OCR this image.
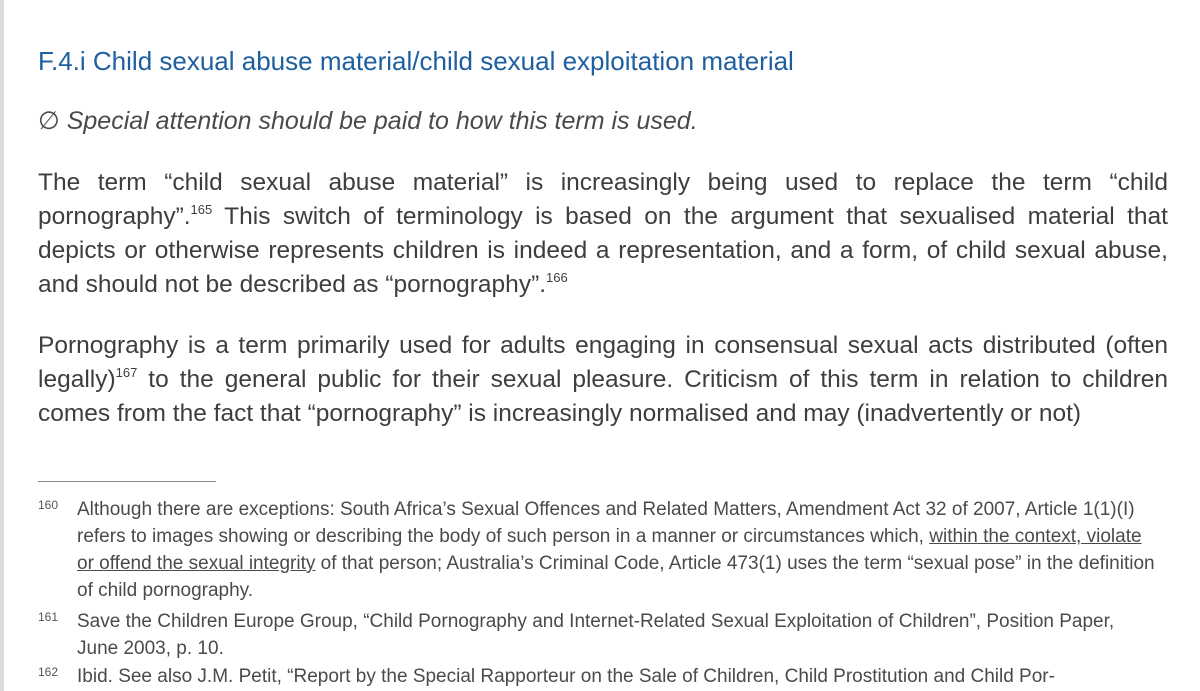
F.4.i Child sexual abuse material/child sexual exploitation material
∅ Special attention should be paid to how this term is used.

The term “child sexual abuse material” is increasingly being used to replace the term “child pornography”.$^{165}$ This switch of terminology is based on the argument that sexualised material that depicts or otherwise represents children is indeed a representation, and a form, of child sexual abuse, and should not be described as “pornography”.$^{166}$

Pornography is a term primarily used for adults engaging in consensual sexual acts distributed (often legally)$^{167}$ to the general public for their sexual pleasure. Criticism of this term in relation to children comes from the fact that “pornography” is increasingly normalised and may (inadvertently or not)

160 Although there are exceptions: South Africa’s Sexual Offences and Related Matters, Amendment Act 32 of 2007, Article 1(1)(I) refers to images showing or describing the body of such person in a manner or circumstances which, within the context, violate or offend the sexual integrity of that person; Australia’s Criminal Code, Article 473(1) uses the term “sexual pose” in the definition of child pornography.
161 Save the Children Europe Group, “Child Pornography and Internet-Related Sexual Exploitation of Children”, Position Paper, June 2003, p. 10.
162 Ibid. See also J.M. Petit, “Report by the Special Rapporteur on the Sale of Children, Child Prostitution and Child Por-
